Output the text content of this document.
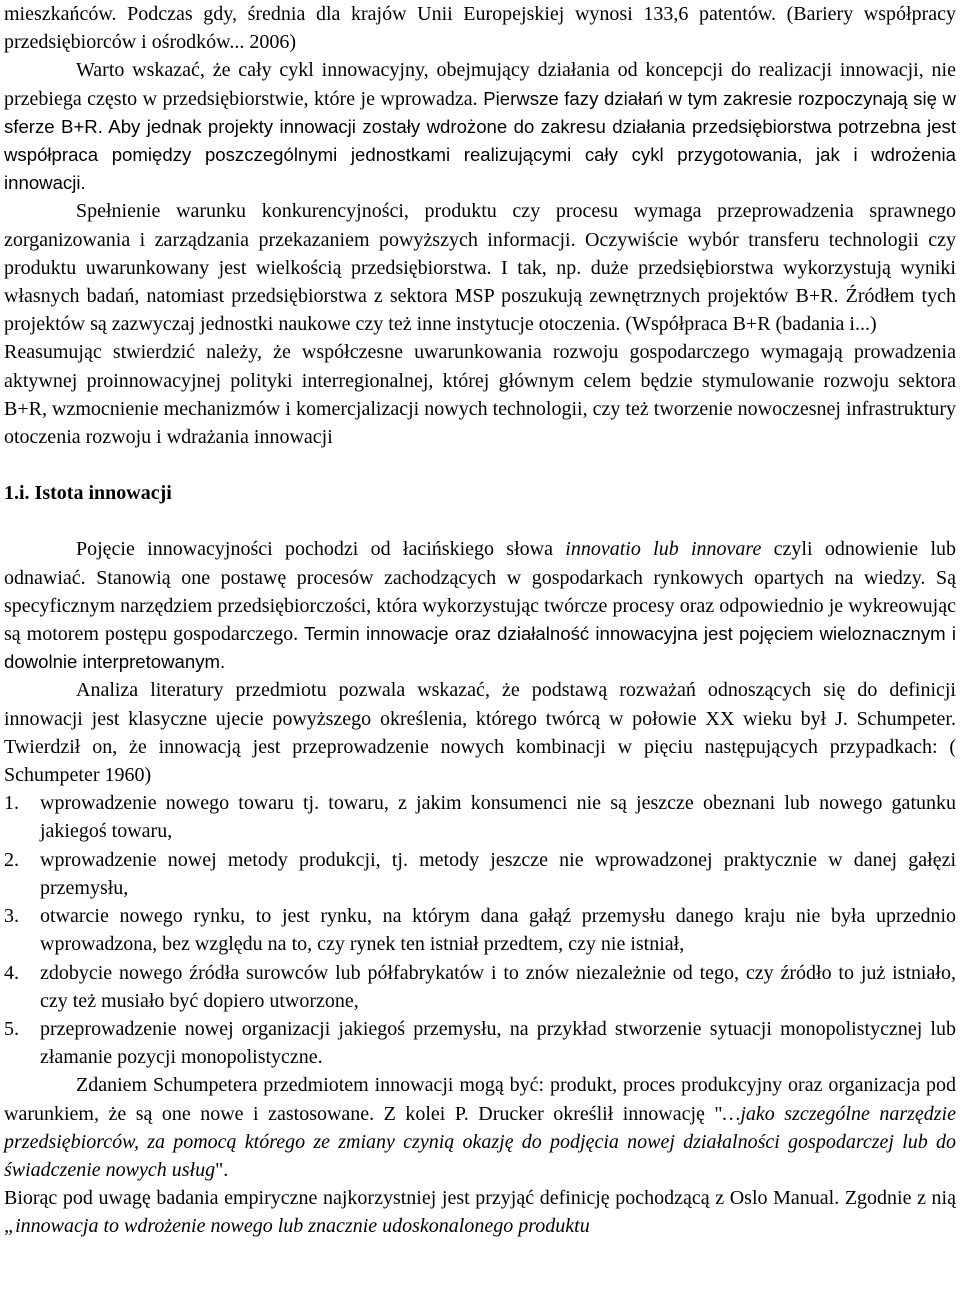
mieszkańców. Podczas gdy, średnia dla krajów Unii Europejskiej wynosi 133,6 patentów. (Bariery współpracy przedsiębiorców i ośrodków... 2006)

Warto wskazać, że cały cykl innowacyjny, obejmujący działania od koncepcji do realizacji innowacji, nie przebiega często w przedsiębiorstwie, które je wprowadza. Pierwsze fazy działań w tym zakresie rozpoczynają się w sferze B+R. Aby jednak projekty innowacji zostały wdrożone do zakresu działania przedsiębiorstwa potrzebna jest współpraca pomiędzy poszczególnymi jednostkami realizującymi cały cykl przygotowania, jak i wdrożenia innowacji.

Spełnienie warunku konkurencyjności, produktu czy procesu wymaga przeprowadzenia sprawnego zorganizowania i zarządzania przekazaniem powyższych informacji. Oczywiście wybór transferu technologii czy produktu uwarunkowany jest wielkością przedsiębiorstwa. I tak, np. duże przedsiębiorstwa wykorzystują wyniki własnych badań, natomiast przedsiębiorstwa z sektora MSP poszukują zewnętrznych projektów B+R. Źródłem tych projektów są zazwyczaj jednostki naukowe czy też inne instytucje otoczenia. (Współpraca B+R (badania i...)

Reasumując stwierdzić należy, że współczesne uwarunkowania rozwoju gospodarczego wymagają prowadzenia aktywnej proinnowacyjnej polityki interregionalnej, której głównym celem będzie stymulowanie rozwoju sektora B+R, wzmocnienie mechanizmów i komercjalizacji nowych technologii, czy też tworzenie nowoczesnej infrastruktury otoczenia rozwoju i wdrażania innowacji

1.i. Istota innowacji

Pojęcie innowacyjności pochodzi od łacińskiego słowa innovatio lub innovare czyli odnowienie lub odnawiać. Stanowią one postawę procesów zachodzących w gospodarkach rynkowych opartych na wiedzy. Są specyficznym narzędziem przedsiębiorczości, która wykorzystując twórcze procesy oraz odpowiednio je wykreowując są motorem postępu gospodarczego. Termin innowacje oraz działalność innowacyjna jest pojęciem wieloznacznym i dowolnie interpretowanym.

Analiza literatury przedmiotu pozwala wskazać, że podstawą rozważań odnoszących się do definicji innowacji jest klasyczne ujecie powyższego określenia, którego twórcą w połowie XX wieku był J. Schumpeter. Twierdził on, że innowacją jest przeprowadzenie nowych kombinacji w pięciu następujących przypadkach: ( Schumpeter 1960)

1. wprowadzenie nowego towaru tj. towaru, z jakim konsumenci nie są jeszcze obeznani lub nowego gatunku jakiegoś towaru,
2. wprowadzenie nowej metody produkcji, tj. metody jeszcze nie wprowadzonej praktycznie w danej gałęzi przemysłu,
3. otwarcie nowego rynku, to jest rynku, na którym dana gałąź przemysłu danego kraju nie była uprzednio wprowadzona, bez względu na to, czy rynek ten istniał przedtem, czy nie istniał,
4. zdobycie nowego źródła surowców lub półfabrykatów i to znów niezależnie od tego, czy źródło to już istniało, czy też musiało być dopiero utworzone,
5. przeprowadzenie nowej organizacji jakiegoś przemysłu, na przykład stworzenie sytuacji monopolistycznej lub złamanie pozycji monopolistyczne.

Zdaniem Schumpetera przedmiotem innowacji mogą być: produkt, proces produkcyjny oraz organizacja pod warunkiem, że są one nowe i zastosowane. Z kolei P. Drucker określił innowację "…jako szczególne narzędzie przedsiębiorców, za pomocą którego ze zmiany czynią okazję do podjęcia nowej działalności gospodarczej lub do świadczenie nowych usług".

Biorąc pod uwagę badania empiryczne najkorzystniej jest przyjąć definicję pochodzącą z Oslo Manual. Zgodnie z nią „innowacja to wdrożenie nowego lub znacznie udoskonalonego produktu
